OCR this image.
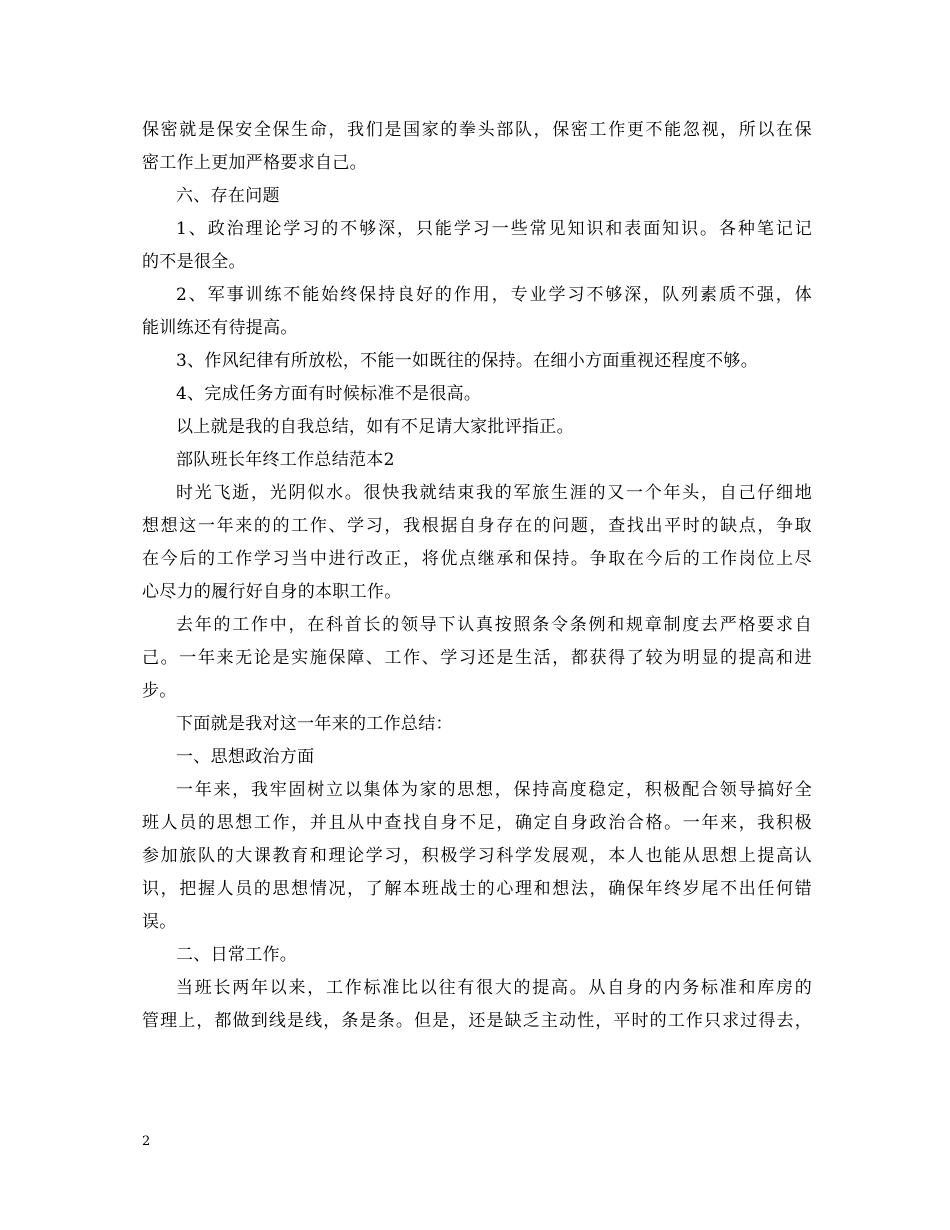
保密就是保安全保生命，我们是国家的拳头部队，保密工作更不能忽视，所以在保
密工作上更加严格要求自己。
六、存在问题
1、政治理论学习的不够深，只能学习一些常见知识和表面知识。各种笔记记
的不是很全。
2、军事训练不能始终保持良好的作用，专业学习不够深，队列素质不强，体
能训练还有待提高。
3、作风纪律有所放松，不能一如既往的保持。在细小方面重视还程度不够。
4、完成任务方面有时候标准不是很高。
以上就是我的自我总结，如有不足请大家批评指正。
部队班长年终工作总结范本2
时光飞逝，光阴似水。很快我就结束我的军旅生涯的又一个年头，自己仔细地
想想这一年来的的工作、学习，我根据自身存在的问题，查找出平时的缺点，争取
在今后的工作学习当中进行改正，将优点继承和保持。争取在今后的工作岗位上尽
心尽力的履行好自身的本职工作。
去年的工作中，在科首长的领导下认真按照条令条例和规章制度去严格要求自
己。一年来无论是实施保障、工作、学习还是生活，都获得了较为明显的提高和进
步。
下面就是我对这一年来的工作总结：
一、思想政治方面
一年来，我牢固树立以集体为家的思想，保持高度稳定，积极配合领导搞好全
班人员的思想工作，并且从中查找自身不足，确定自身政治合格。一年来，我积极
参加旅队的大课教育和理论学习，积极学习科学发展观，本人也能从思想上提高认
识，把握人员的思想情况，了解本班战士的心理和想法，确保年终岁尾不出任何错
误。
二、日常工作。
当班长两年以来，工作标准比以往有很大的提高。从自身的内务标准和库房的
管理上，都做到线是线，条是条。但是，还是缺乏主动性，平时的工作只求过得去，
2
